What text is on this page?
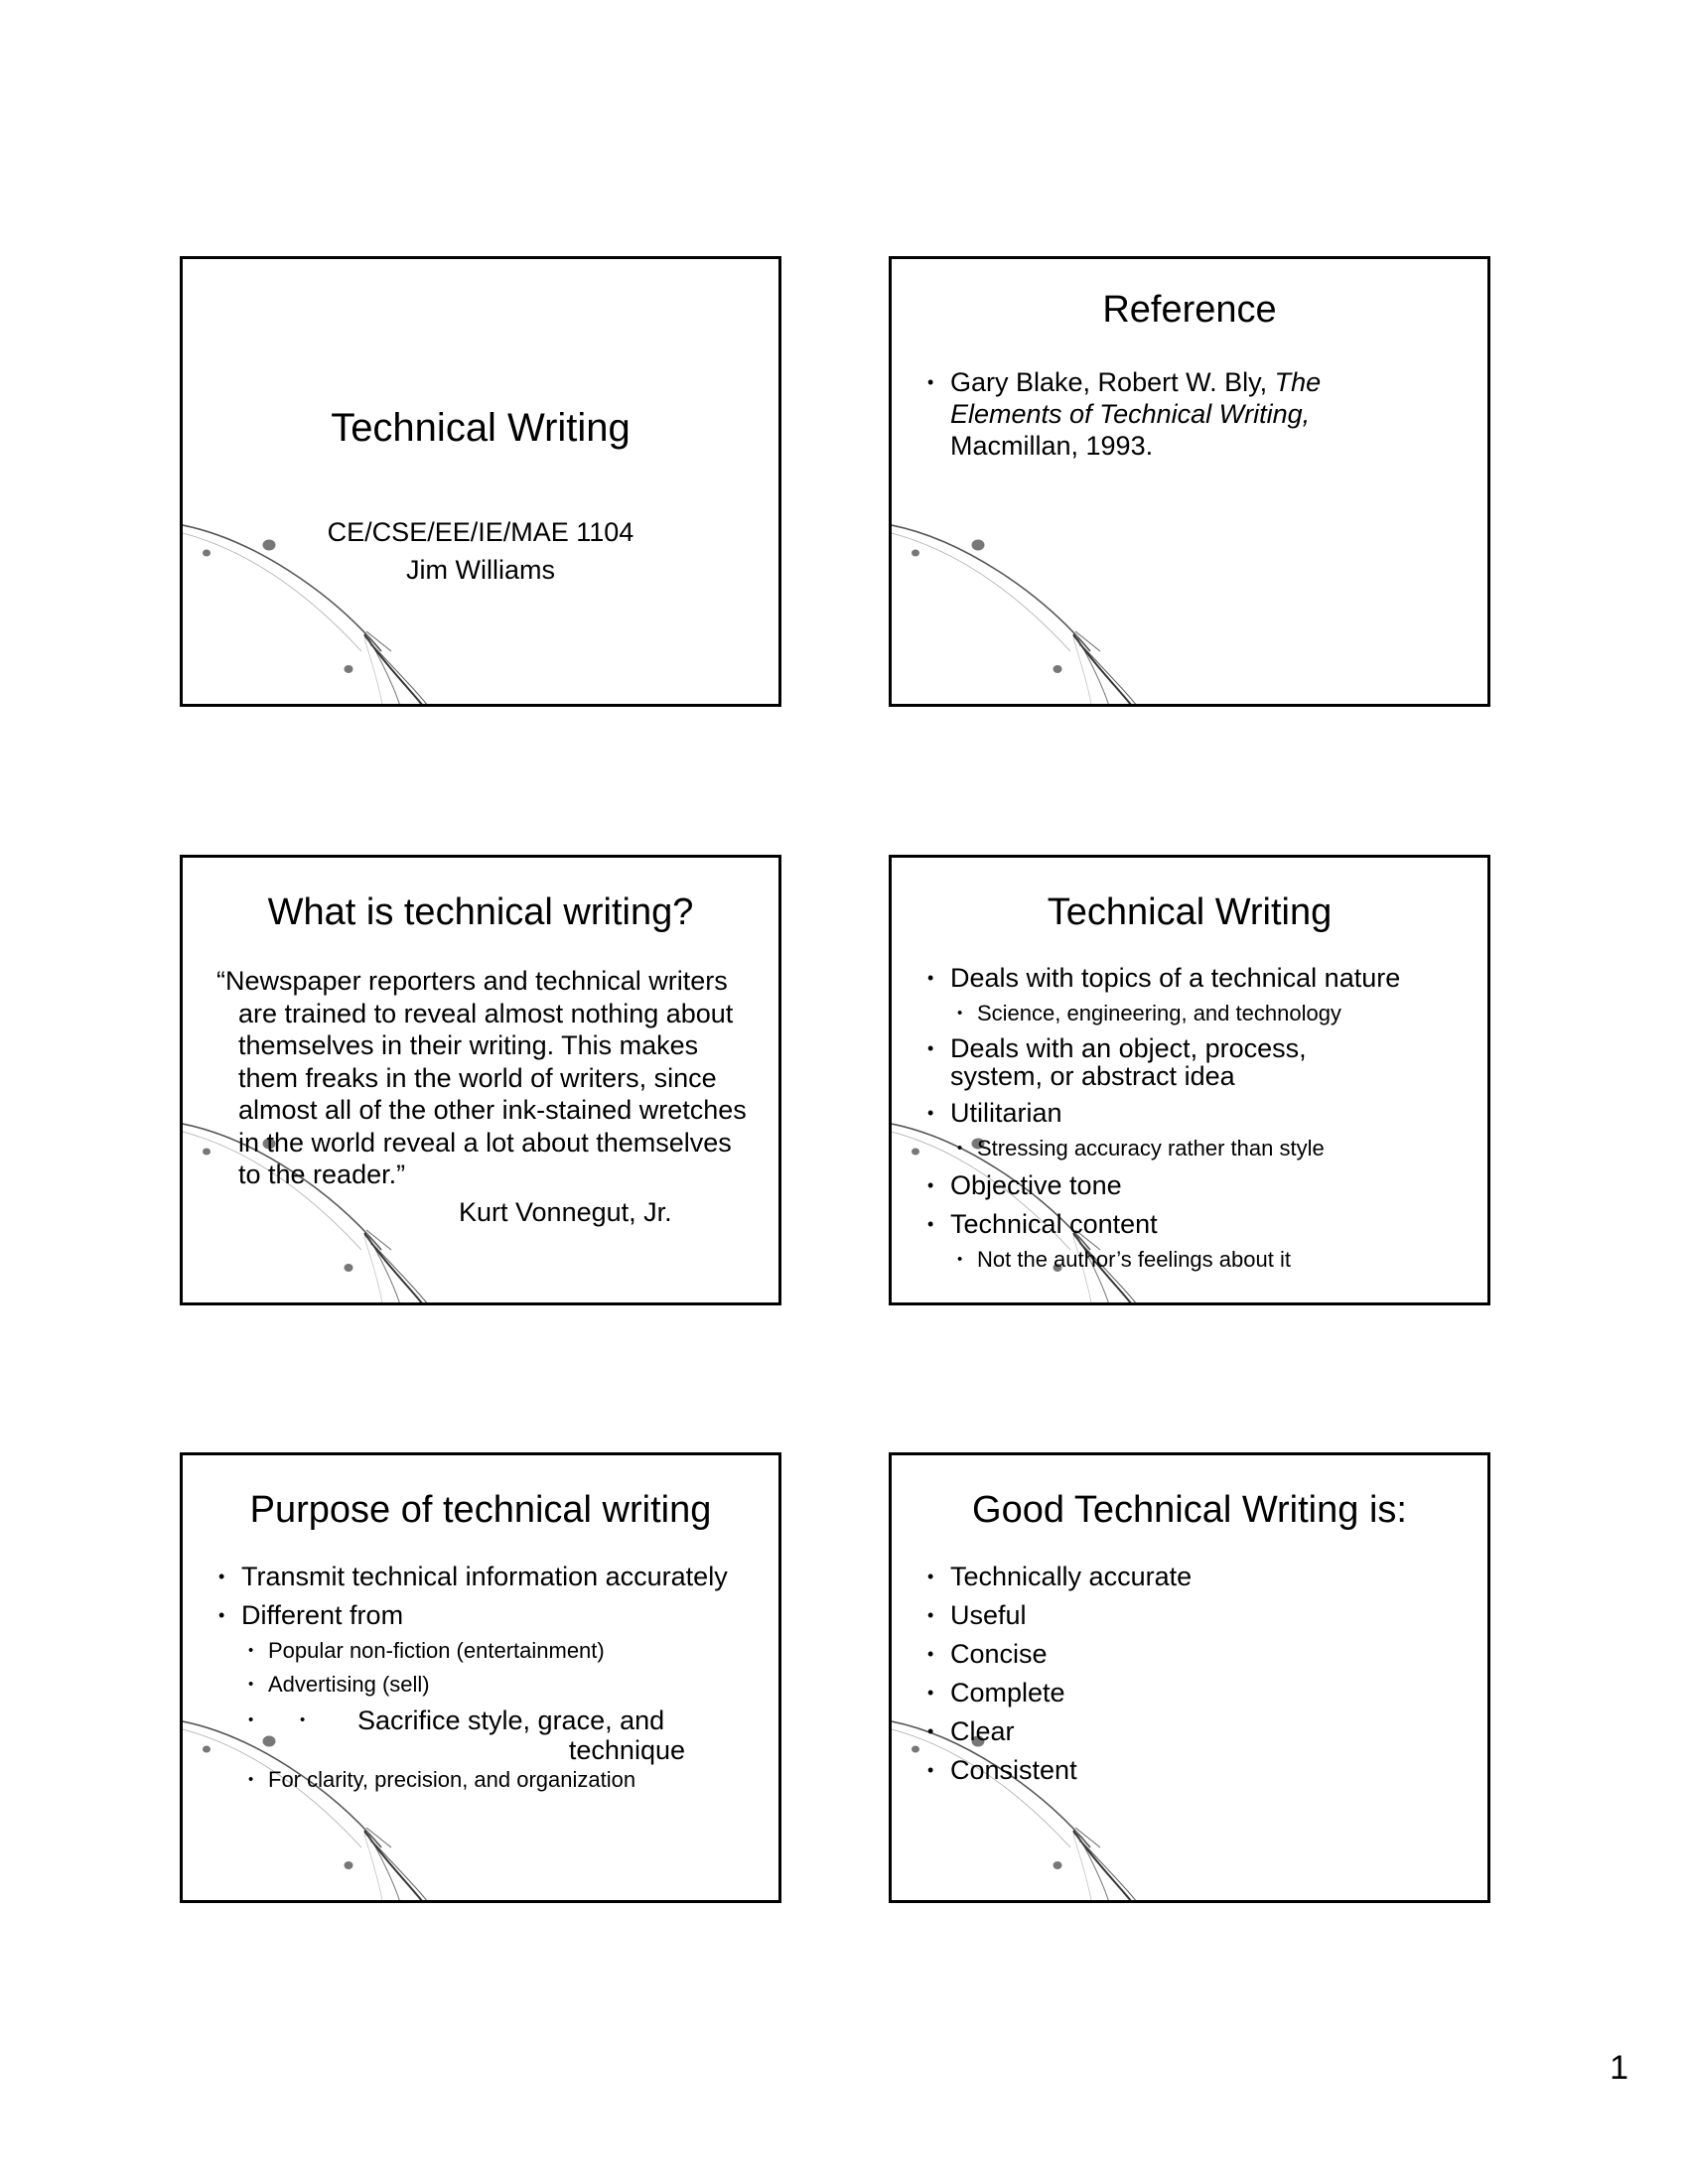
Technical Writing
CE/CSE/EE/IE/MAE 1104
Jim Williams
Reference
• Gary Blake, Robert W. Bly, The
Elements of Technical Writing,
Macmillan, 1993.
What is technical writing?
“Newspaper reporters and technical writers
are trained to reveal almost nothing about
themselves in their writing. This makes
them freaks in the world of writers, since
almost all of the other ink-stained wretches
in the world reveal a lot about themselves
to the reader.”
Kurt Vonnegut, Jr.
Technical Writing
• Deals with topics of a technical nature
• Science, engineering, and technology
• Deals with an object, process, system, or abstract idea
• Utilitarian
• Stressing accuracy rather than style
• Objective tone
• Technical content
• Not the author’s feelings about it
Purpose of technical writing
• Transmit technical information accurately
• Different from
• Popular non-fiction (entertainment)
• Advertising (sell)
• •	Sacrifice style, grace, and
technique
• For clarity, precision, and organization
Good Technical Writing is:
• Technically accurate
• Useful
• Concise
• Complete
• Clear
• Consistent
1
